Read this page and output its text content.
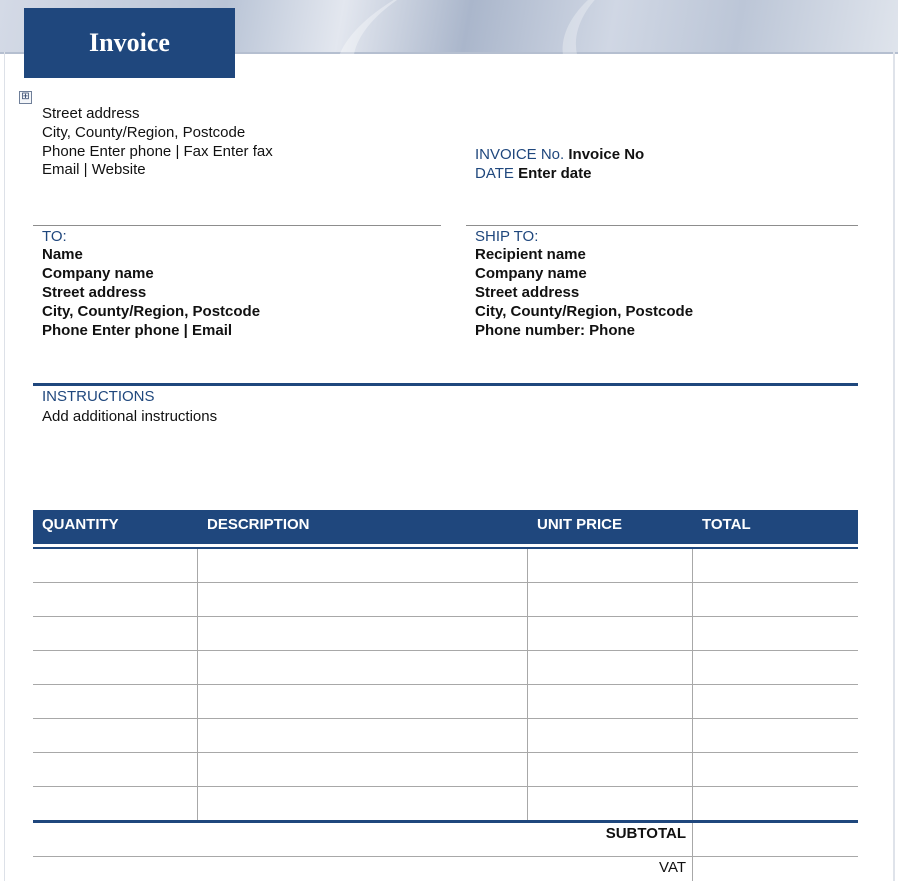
Invoice
⊞
Street address
City, County/Region, Postcode
Phone Enter phone | Fax Enter fax
Email | Website
INVOICE No. Invoice No
DATE Enter date
TO:
Name
Company name
Street address
City, County/Region, Postcode
Phone Enter phone | Email
SHIP TO:
Recipient name
Company name
Street address
City, County/Region, Postcode
Phone number: Phone
INSTRUCTIONS
Add additional instructions
QUANTITY	DESCRIPTION	UNIT PRICE	TOTAL
SUBTOTAL
VAT
